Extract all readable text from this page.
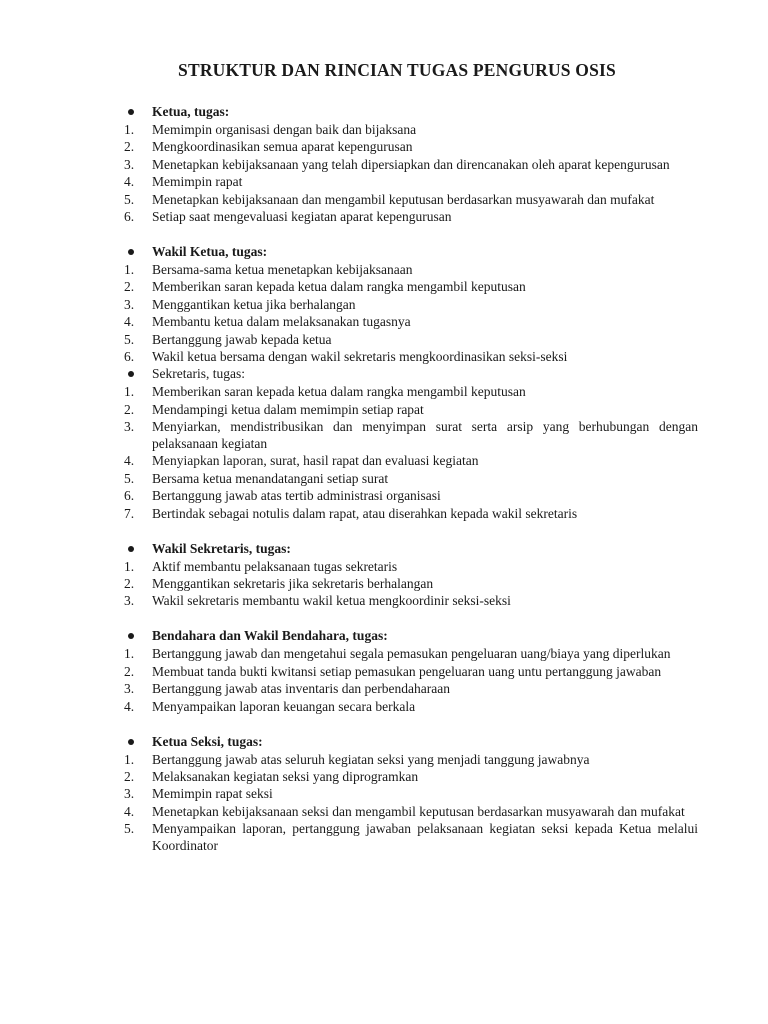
STRUKTUR DAN RINCIAN TUGAS PENGURUS OSIS
Ketua, tugas:
1.	Memimpin organisasi dengan baik dan bijaksana
2.	Mengkoordinasikan semua aparat kepengurusan
3.	Menetapkan kebijaksanaan yang telah dipersiapkan dan direncanakan oleh aparat kepengurusan
4.	Memimpin rapat
5.	Menetapkan kebijaksanaan dan mengambil keputusan berdasarkan musyawarah dan mufakat
6.	Setiap saat mengevaluasi kegiatan aparat kepengurusan
Wakil Ketua, tugas:
1.	Bersama-sama ketua menetapkan kebijaksanaan
2.	Memberikan saran kepada ketua dalam rangka mengambil keputusan
3.	Menggantikan ketua jika berhalangan
4.	Membantu ketua dalam melaksanakan tugasnya
5.	Bertanggung jawab kepada ketua
6.	Wakil ketua bersama dengan wakil sekretaris mengkoordinasikan seksi-seksi
Sekretaris, tugas:
1.	Memberikan saran kepada ketua dalam rangka mengambil keputusan
2.	Mendampingi ketua dalam memimpin setiap rapat
3.	Menyiarkan, mendistribusikan dan menyimpan surat serta arsip yang berhubungan dengan pelaksanaan kegiatan
4.	Menyiapkan laporan, surat, hasil rapat dan evaluasi kegiatan
5.	Bersama ketua menandatangani setiap surat
6.	Bertanggung jawab atas tertib administrasi organisasi
7.	Bertindak sebagai notulis dalam rapat, atau diserahkan kepada wakil sekretaris
Wakil Sekretaris, tugas:
1.	Aktif membantu pelaksanaan tugas sekretaris
2.	Menggantikan sekretaris jika sekretaris berhalangan
3.	Wakil sekretaris membantu wakil ketua mengkoordinir seksi-seksi
Bendahara dan Wakil Bendahara, tugas:
1.	Bertanggung jawab dan mengetahui segala pemasukan pengeluaran uang/biaya yang diperlukan
2.	Membuat tanda bukti kwitansi setiap pemasukan pengeluaran uang untu pertanggung jawaban
3.	Bertanggung jawab atas inventaris dan perbendaharaan
4.	Menyampaikan laporan keuangan secara berkala
Ketua Seksi, tugas:
1.	Bertanggung jawab atas seluruh kegiatan seksi yang menjadi tanggung jawabnya
2.	Melaksanakan kegiatan seksi yang diprogramkan
3.	Memimpin rapat seksi
4.	Menetapkan kebijaksanaan seksi dan mengambil keputusan berdasarkan musyawarah dan mufakat
5.	Menyampaikan laporan, pertanggung jawaban pelaksanaan kegiatan seksi kepada Ketua melalui Koordinator
